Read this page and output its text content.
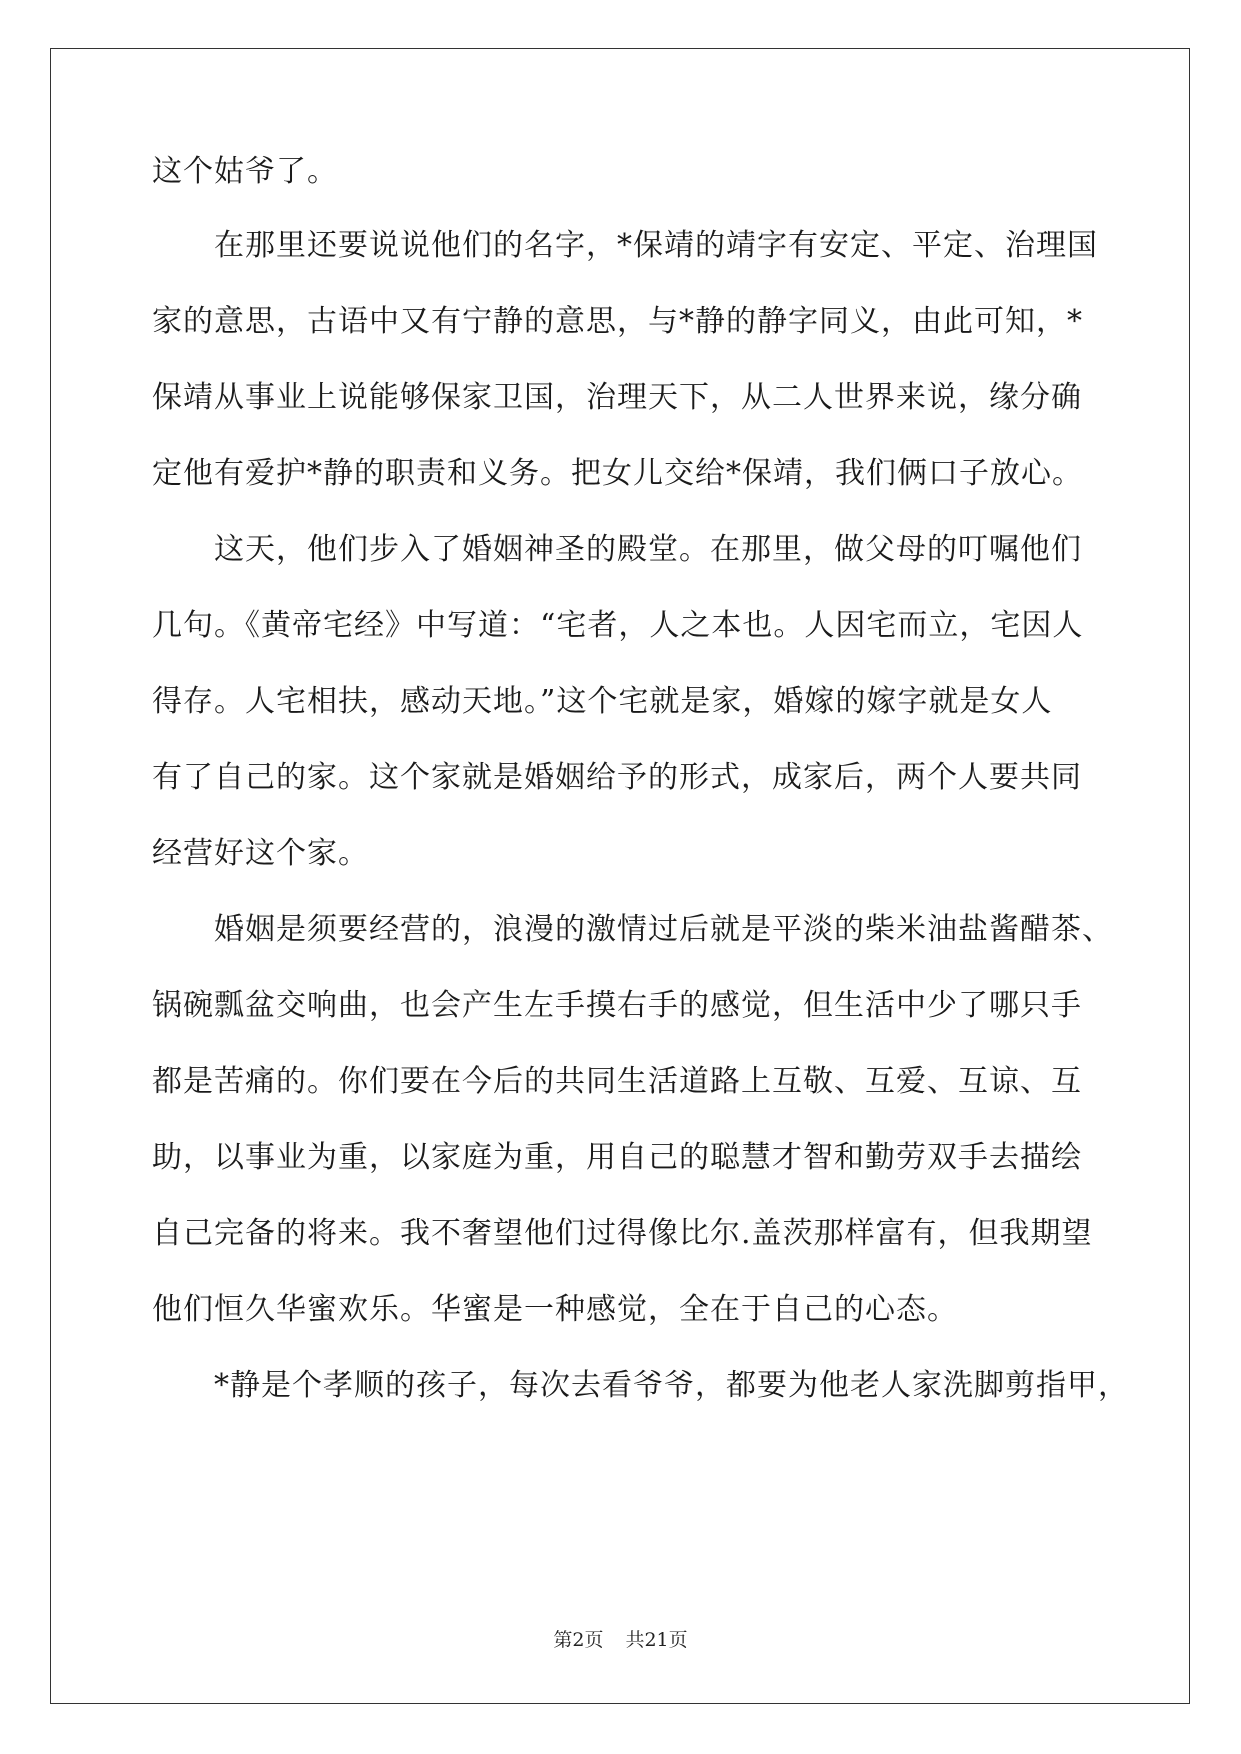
这个姑爷了。
在那里还要说说他们的名字，*保靖的靖字有安定、平定、治理国
家的意思，古语中又有宁静的意思，与*静的静字同义，由此可知，*
保靖从事业上说能够保家卫国，治理天下，从二人世界来说，缘分确
定他有爱护*静的职责和义务。把女儿交给*保靖，我们俩口子放心。
这天，他们步入了婚姻神圣的殿堂。在那里，做父母的叮嘱他们
几句。《黄帝宅经》中写道：“宅者，人之本也。人因宅而立，宅因人
得存。人宅相扶，感动天地。”这个宅就是家，婚嫁的嫁字就是女人
有了自己的家。这个家就是婚姻给予的形式，成家后，两个人要共同
经营好这个家。
婚姻是须要经营的，浪漫的激情过后就是平淡的柴米油盐酱醋茶、
锅碗瓢盆交响曲，也会产生左手摸右手的感觉，但生活中少了哪只手
都是苦痛的。你们要在今后的共同生活道路上互敬、互爱、互谅、互
助，以事业为重，以家庭为重，用自己的聪慧才智和勤劳双手去描绘
自己完备的将来。我不奢望他们过得像比尔.盖茨那样富有，但我期望
他们恒久华蜜欢乐。华蜜是一种感觉，全在于自己的心态。
*静是个孝顺的孩子，每次去看爷爷，都要为他老人家洗脚剪指甲，
第2页 共21页
